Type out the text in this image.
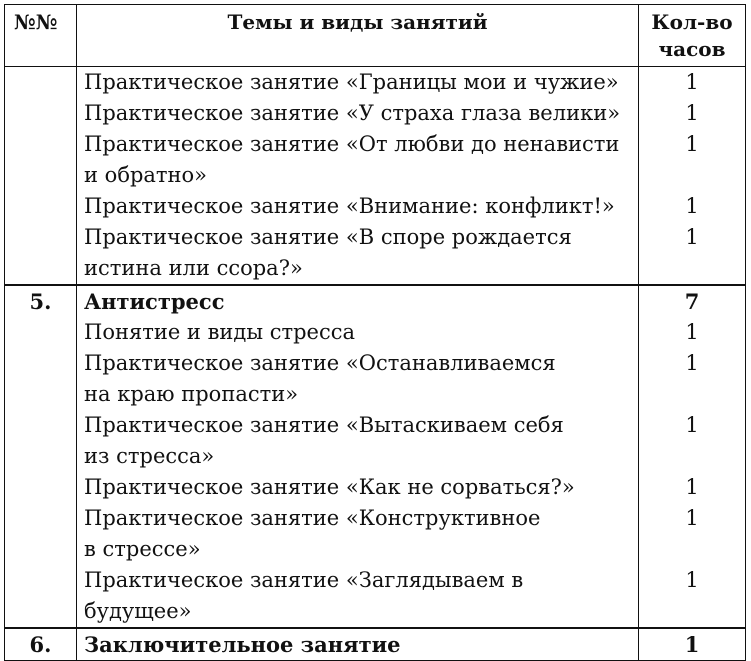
№№	Темы и виды занятий	Кол-во
часов

	Практическое занятие «Границы мои и чужие»	1

	Практическое занятие «У страха глаза велики»	1

	Практическое занятие «От любви до ненависти
и обратно»	1

	Практическое занятие «Внимание: конфликт!»	1

	Практическое занятие «В споре рождается
истина или ссора?»	1
5.	Антистресс	7

	Понятие и виды стресса	1

	Практическое занятие «Останавливаемся
на краю пропасти»	1

	Практическое занятие «Вытаскиваем себя
из стресса»	1

	Практическое занятие «Как не сорваться?»	1

	Практическое занятие «Конструктивное
в стрессе»	1

	Практическое занятие «Заглядываем в будущее»	1
6.	Заключительное занятие	1
